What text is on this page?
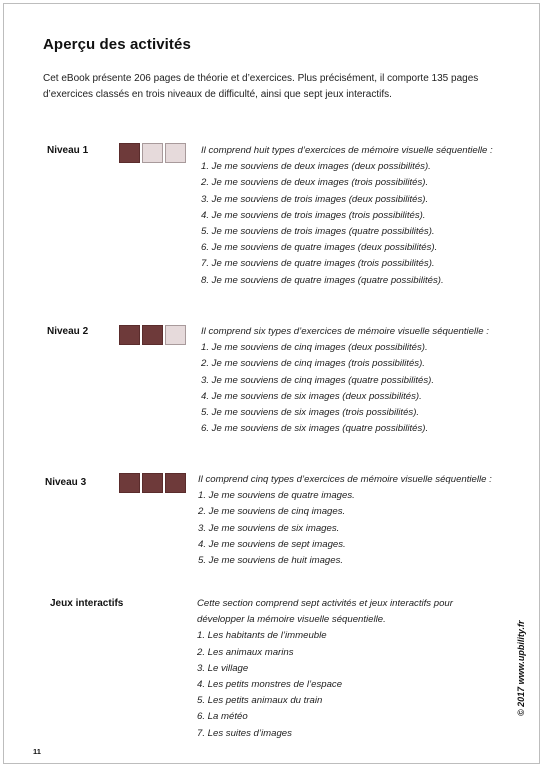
Aperçu des activités
Cet eBook présente 206 pages de théorie et d’exercices. Plus précisément, il comporte 135 pages d’exercices classés en trois niveaux de difficulté, ainsi que sept jeux interactifs.
Niveau 1	Il comprend huit types d’exercices de mémoire visuelle séquentielle :
1. Je me souviens de deux images (deux possibilités).
2. Je me souviens de deux images (trois possibilités).
3. Je me souviens de trois images (deux possibilités).
4. Je me souviens de trois images (trois possibilités).
5. Je me souviens de trois images (quatre possibilités).
6. Je me souviens de quatre images (deux possibilités).
7. Je me souviens de quatre images (trois possibilités).
8. Je me souviens de quatre images (quatre possibilités).
Niveau 2	Il comprend six types d’exercices de mémoire visuelle séquentielle :
1. Je me souviens de cinq images (deux possibilités).
2. Je me souviens de cinq images (trois possibilités).
3. Je me souviens de cinq images (quatre possibilités).
4. Je me souviens de six images (deux possibilités).
5. Je me souviens de six images (trois possibilités).
6. Je me souviens de six images (quatre possibilités).
Niveau 3	Il comprend cinq types d’exercices de mémoire visuelle séquentielle :
1. Je me souviens de quatre images.
2. Je me souviens de cinq images.
3. Je me souviens de six images.
4. Je me souviens de sept images.
5. Je me souviens de huit images.
Jeux interactifs	Cette section comprend sept activités et jeux interactifs pour
développer la mémoire visuelle séquentielle.
1. Les habitants de l’immeuble
2. Les animaux marins
3. Le village
4. Les petits monstres de l’espace
5. Les petits animaux du train
6. La météo
7. Les suites d’images
© 2017 www.upbility.fr
11
